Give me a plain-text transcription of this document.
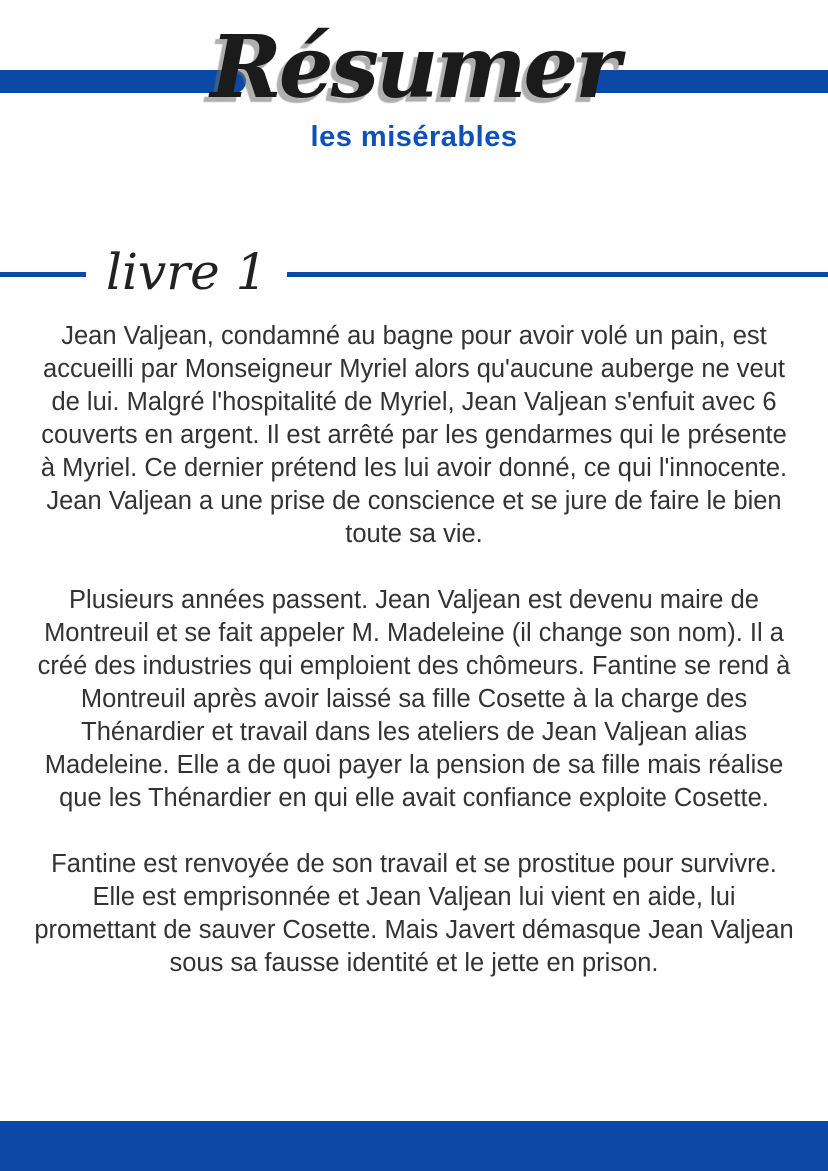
Résumer
les misérables
livre 1

Jean Valjean, condamné au bagne pour avoir volé un pain, est accueilli par Monseigneur Myriel alors qu'aucune auberge ne veut de lui. Malgré l'hospitalité de Myriel, Jean Valjean s'enfuit avec 6 couverts en argent. Il est arrêté par les gendarmes qui le présente à Myriel. Ce dernier prétend les lui avoir donné, ce qui l'innocente. Jean Valjean a une prise de conscience et se jure de faire le bien toute sa vie.

Plusieurs années passent. Jean Valjean est devenu maire de Montreuil et se fait appeler M. Madeleine (il change son nom). Il a créé des industries qui emploient des chômeurs. Fantine se rend à Montreuil après avoir laissé sa fille Cosette à la charge des Thénardier et travail dans les ateliers de Jean Valjean alias Madeleine. Elle a de quoi payer la pension de sa fille mais réalise que les Thénardier en qui elle avait confiance exploite Cosette.

Fantine est renvoyée de son travail et se prostitue pour survivre. Elle est emprisonnée et Jean Valjean lui vient en aide, lui promettant de sauver Cosette. Mais Javert démasque Jean Valjean sous sa fausse identité et le jette en prison.
